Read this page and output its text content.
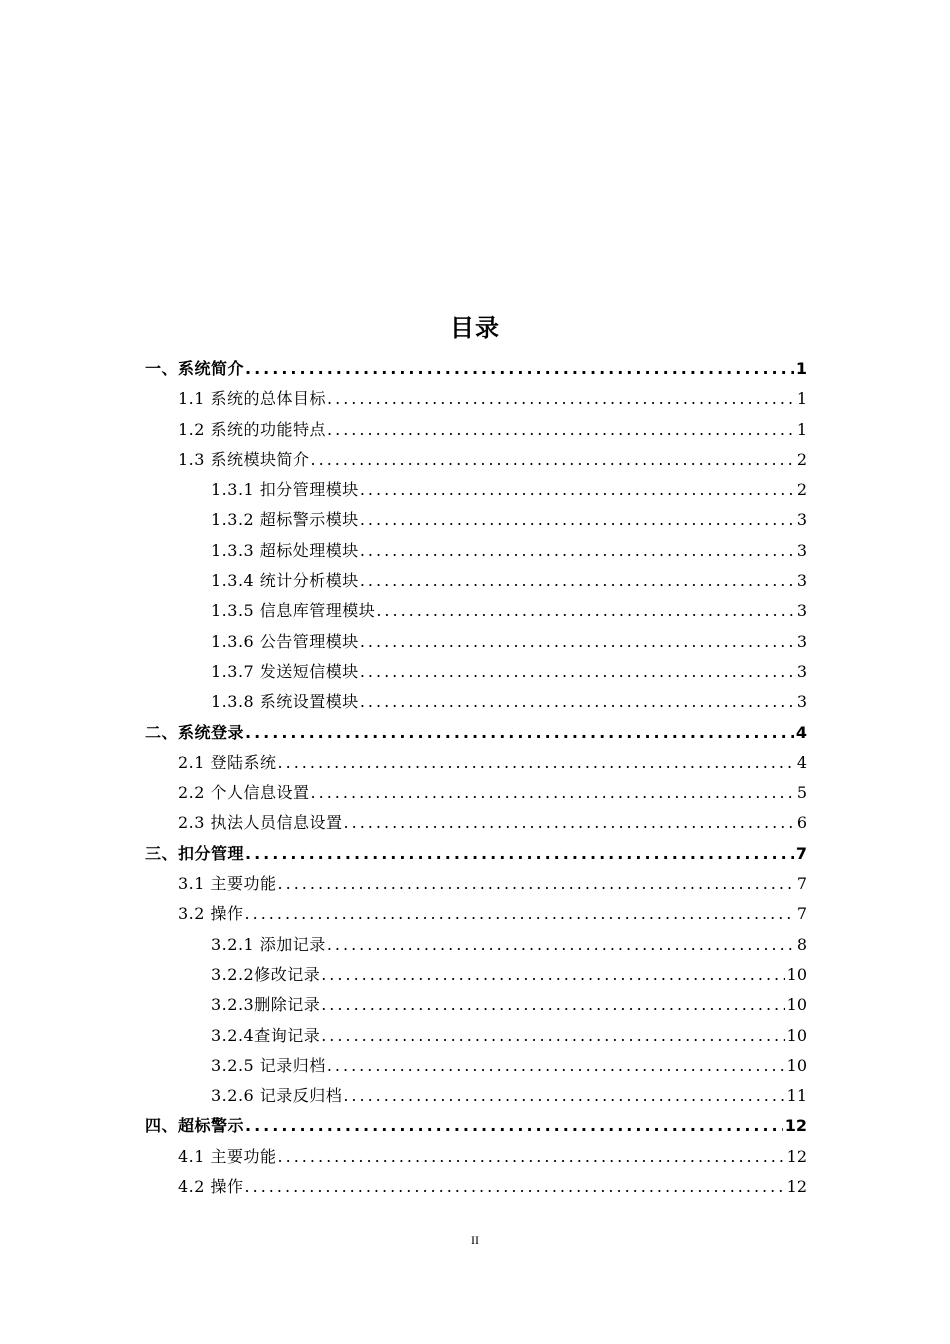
目录
一、系统简介 .....	1
1.1 系统的总体目标 .....	1
1.2 系统的功能特点 .....	1
1.3 系统模块简介 .....	2
1.3.1 扣分管理模块 .....	2
1.3.2 超标警示模块 .....	3
1.3.3 超标处理模块 .....	3
1.3.4 统计分析模块 .....	3
1.3.5 信息库管理模块 .....	3
1.3.6 公告管理模块 .....	3
1.3.7 发送短信模块 .....	3
1.3.8 系统设置模块 .....	3
二、系统登录 .....	4
2.1 登陆系统 .....	4
2.2 个人信息设置 .....	5
2.3 执法人员信息设置 .....	6
三、扣分管理 .....	7
3.1 主要功能 .....	7
3.2 操作 .....	7
3.2.1 添加记录 .....	8
3.2.2修改记录 .....	10
3.2.3删除记录 .....	10
3.2.4查询记录 .....	10
3.2.5 记录归档 .....	10
3.2.6 记录反归档 .....	11
四、超标警示 .....	12
4.1 主要功能 .....	12
4.2 操作 .....	12
II
